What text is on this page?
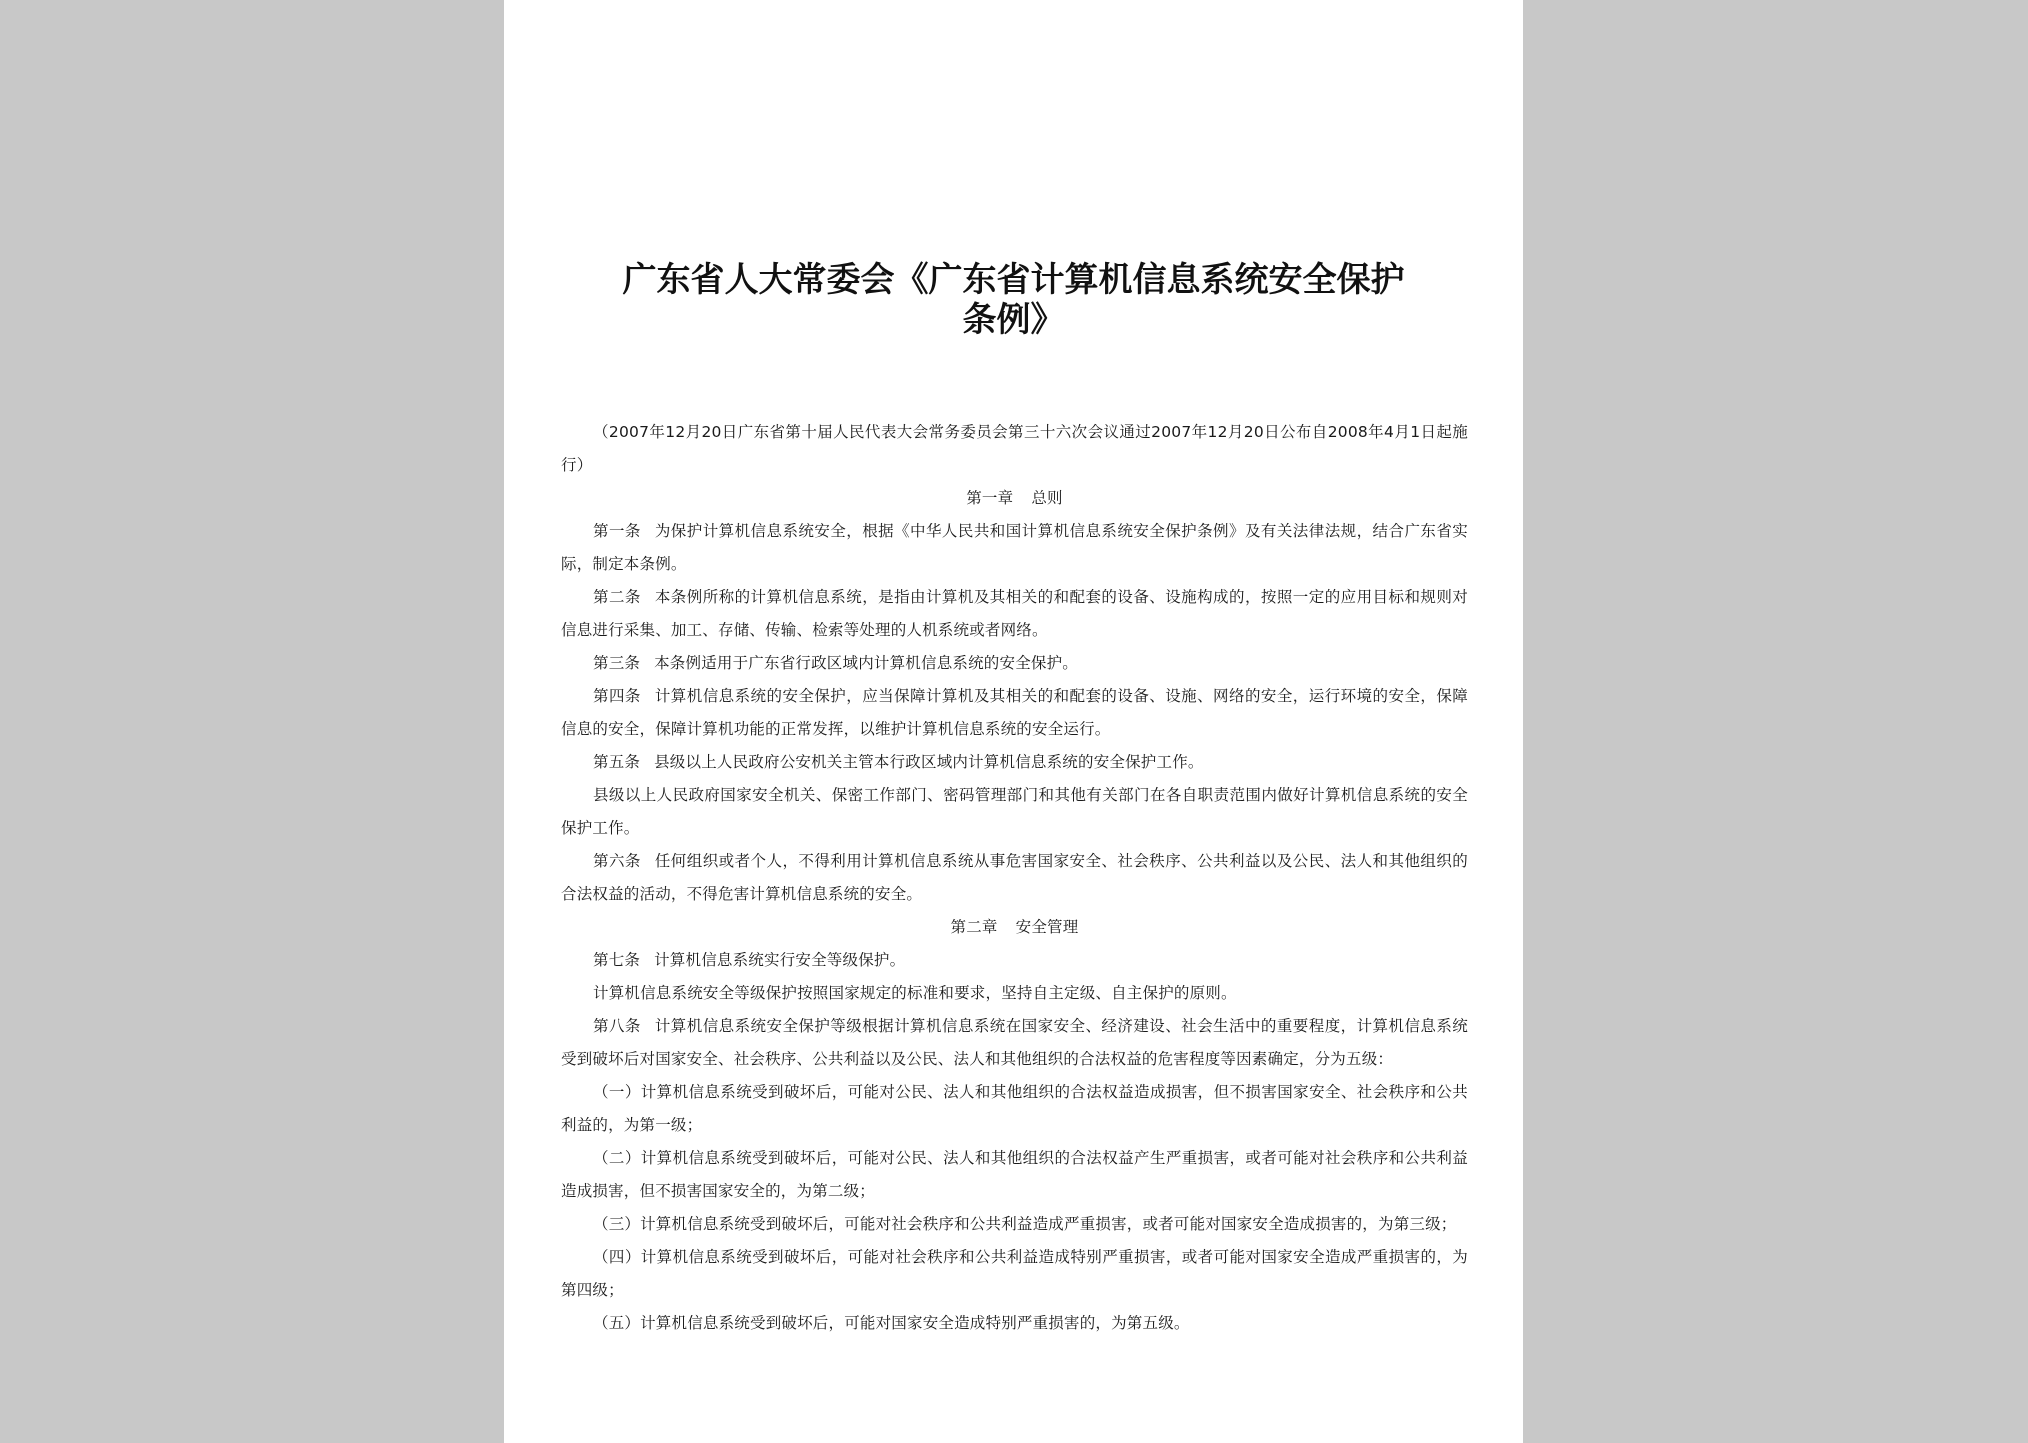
广东省人大常委会《广东省计算机信息系统安全保护
条例》

（2007年12月20日广东省第十届人民代表大会常务委员会第三十六次会议通过2007年12月20日公布自2008年4月1日起施行）

第一章 总则

第一条 为保护计算机信息系统安全，根据《中华人民共和国计算机信息系统安全保护条例》及有关法律法规，结合广东省实际，制定本条例。

第二条 本条例所称的计算机信息系统，是指由计算机及其相关的和配套的设备、设施构成的，按照一定的应用目标和规则对信息进行采集、加工、存储、传输、检索等处理的人机系统或者网络。

第三条 本条例适用于广东省行政区域内计算机信息系统的安全保护。

第四条 计算机信息系统的安全保护，应当保障计算机及其相关的和配套的设备、设施、网络的安全，运行环境的安全，保障信息的安全，保障计算机功能的正常发挥，以维护计算机信息系统的安全运行。

第五条 县级以上人民政府公安机关主管本行政区域内计算机信息系统的安全保护工作。

县级以上人民政府国家安全机关、保密工作部门、密码管理部门和其他有关部门在各自职责范围内做好计算机信息系统的安全保护工作。

第六条 任何组织或者个人，不得利用计算机信息系统从事危害国家安全、社会秩序、公共利益以及公民、法人和其他组织的合法权益的活动，不得危害计算机信息系统的安全。

第二章 安全管理

第七条 计算机信息系统实行安全等级保护。

计算机信息系统安全等级保护按照国家规定的标准和要求，坚持自主定级、自主保护的原则。

第八条 计算机信息系统安全保护等级根据计算机信息系统在国家安全、经济建设、社会生活中的重要程度，计算机信息系统受到破坏后对国家安全、社会秩序、公共利益以及公民、法人和其他组织的合法权益的危害程度等因素确定，分为五级：

（一）计算机信息系统受到破坏后，可能对公民、法人和其他组织的合法权益造成损害，但不损害国家安全、社会秩序和公共利益的，为第一级；

（二）计算机信息系统受到破坏后，可能对公民、法人和其他组织的合法权益产生严重损害，或者可能对社会秩序和公共利益造成损害，但不损害国家安全的，为第二级；

（三）计算机信息系统受到破坏后，可能对社会秩序和公共利益造成严重损害，或者可能对国家安全造成损害的，为第三级；

（四）计算机信息系统受到破坏后，可能对社会秩序和公共利益造成特别严重损害，或者可能对国家安全造成严重损害的，为第四级；

（五）计算机信息系统受到破坏后，可能对国家安全造成特别严重损害的，为第五级。
